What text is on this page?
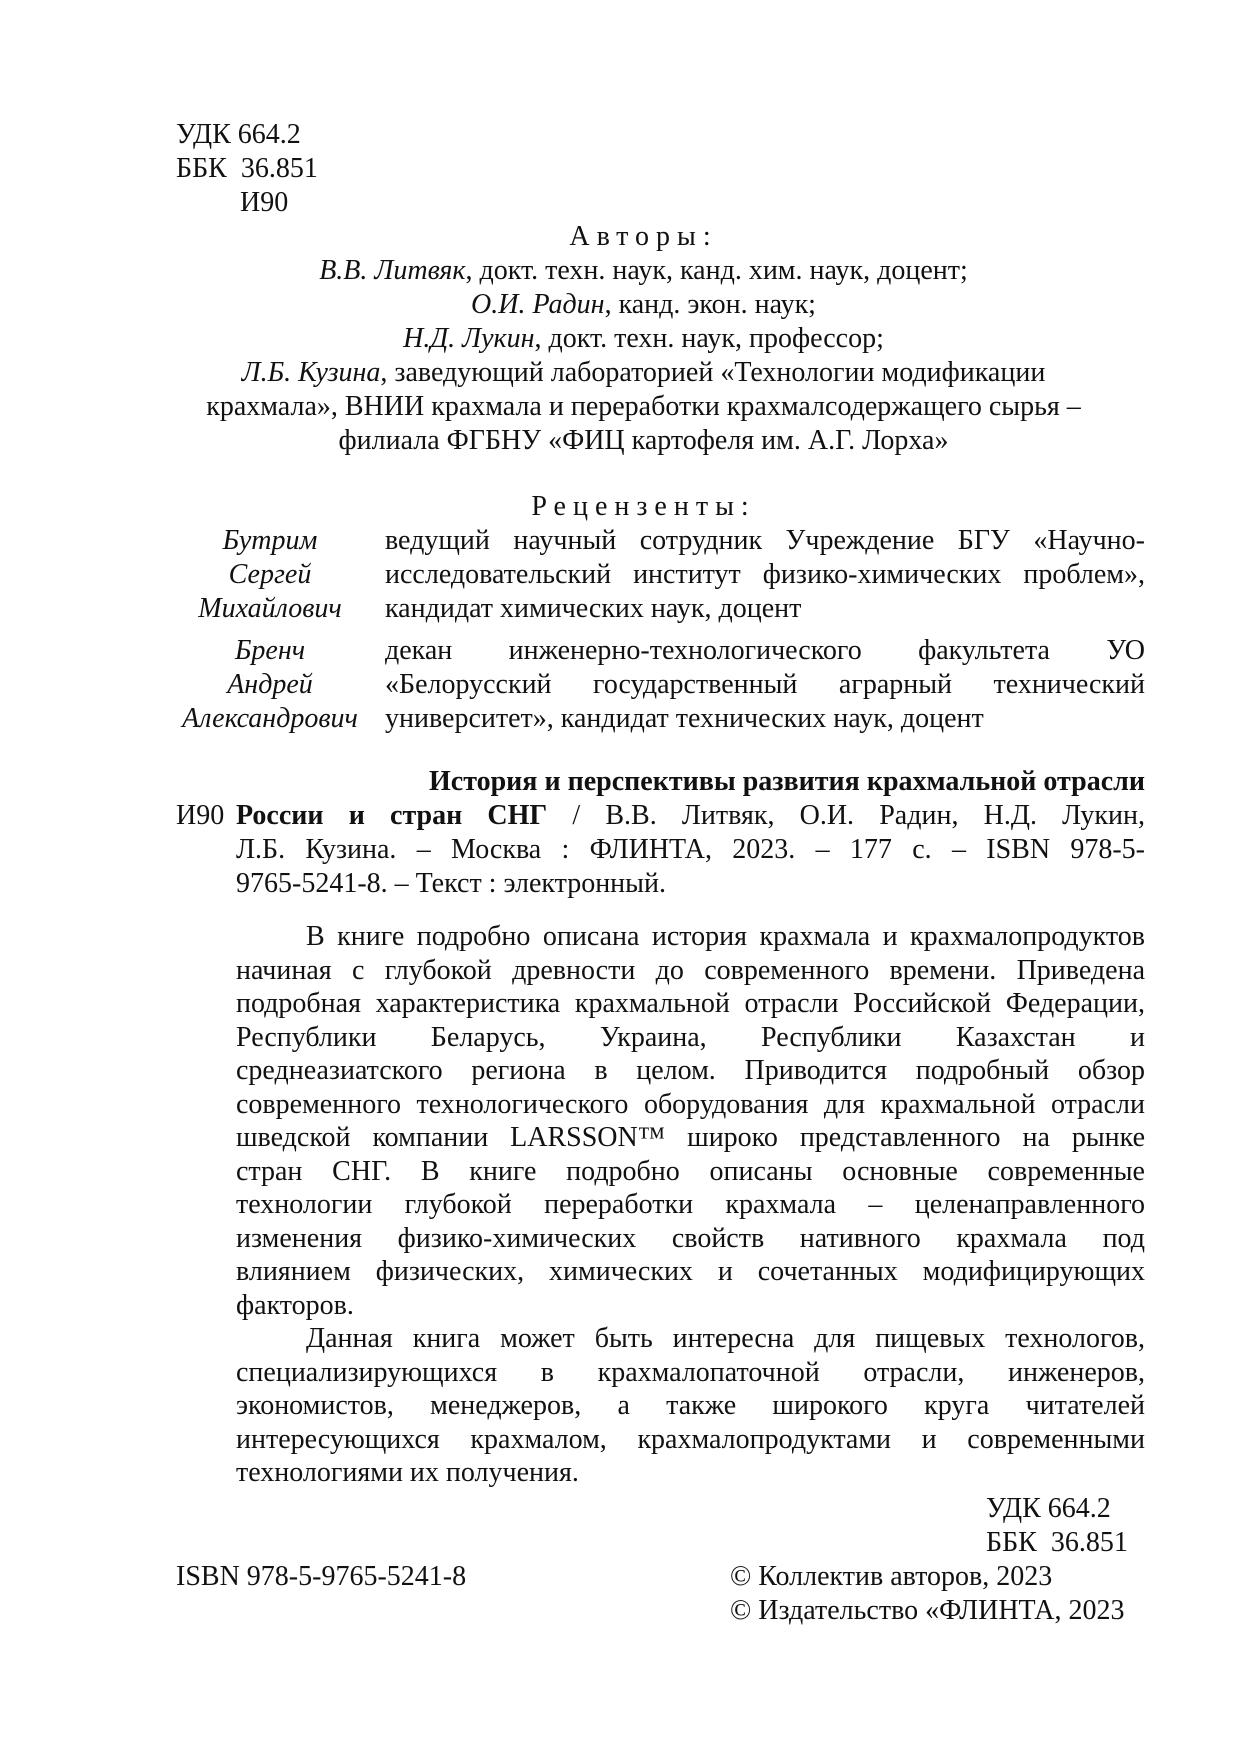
УДК 664.2
ББК  36.851
И90
Авторы:
В.В. Литвяк, докт. техн. наук, канд. хим. наук, доцент;
О.И. Радин, канд. экон. наук;
Н.Д. Лукин, докт. техн. наук, профессор;
Л.Б. Кузина, заведующий лабораторией «Технологии модификации
крахмала», ВНИИ крахмала и переработки крахмалсодержащего сырья –
филиала ФГБНУ «ФИЦ картофеля им. А.Г. Лорха»
Рецензенты:
Бутрим
Сергей
Михайлович
ведущий научный сотрудник Учреждение БГУ «Научно-
исследовательский институт физико-химических проблем»,
кандидат химических наук, доцент
Бренч
Андрей
Александрович
декан инженерно-технологического факультета УО
«Белорусский государственный аграрный технический
университет», кандидат технических наук, доцент
И90
История и перспективы развития крахмальной отрасли
России и стран СНГ / В.В. Литвяк, О.И. Радин, Н.Д. Лукин,
Л.Б. Кузина. – Москва : ФЛИНТА, 2023. – 177 с. – ISBN 978-5-
9765-5241-8. – Текст : электронный.
В книге подробно описана история крахмала и крахмалопродуктов
начиная с глубокой древности до современного времени. Приведена
подробная характеристика крахмальной отрасли Российской Федерации,
Республики Беларусь, Украина, Республики Казахстан и
среднеазиатского региона в целом. Приводится подробный обзор
современного технологического оборудования для крахмальной отрасли
шведской компании LARSSON™ широко представленного на рынке
стран СНГ. В книге подробно описаны основные современные
технологии глубокой переработки крахмала – целенаправленного
изменения физико-химических свойств нативного крахмала под
влиянием физических, химических и сочетанных модифицирующих
факторов.
Данная книга может быть интересна для пищевых технологов,
специализирующихся в крахмалопаточной отрасли, инженеров,
экономистов, менеджеров, а также широкого круга читателей
интересующихся крахмалом, крахмалопродуктами и современными
технологиями их получения.
УДК 664.2
ББК  36.851
ISBN 978-5-9765-5241-8	© Коллектив авторов, 2023
© Издательство «ФЛИНТА, 2023
